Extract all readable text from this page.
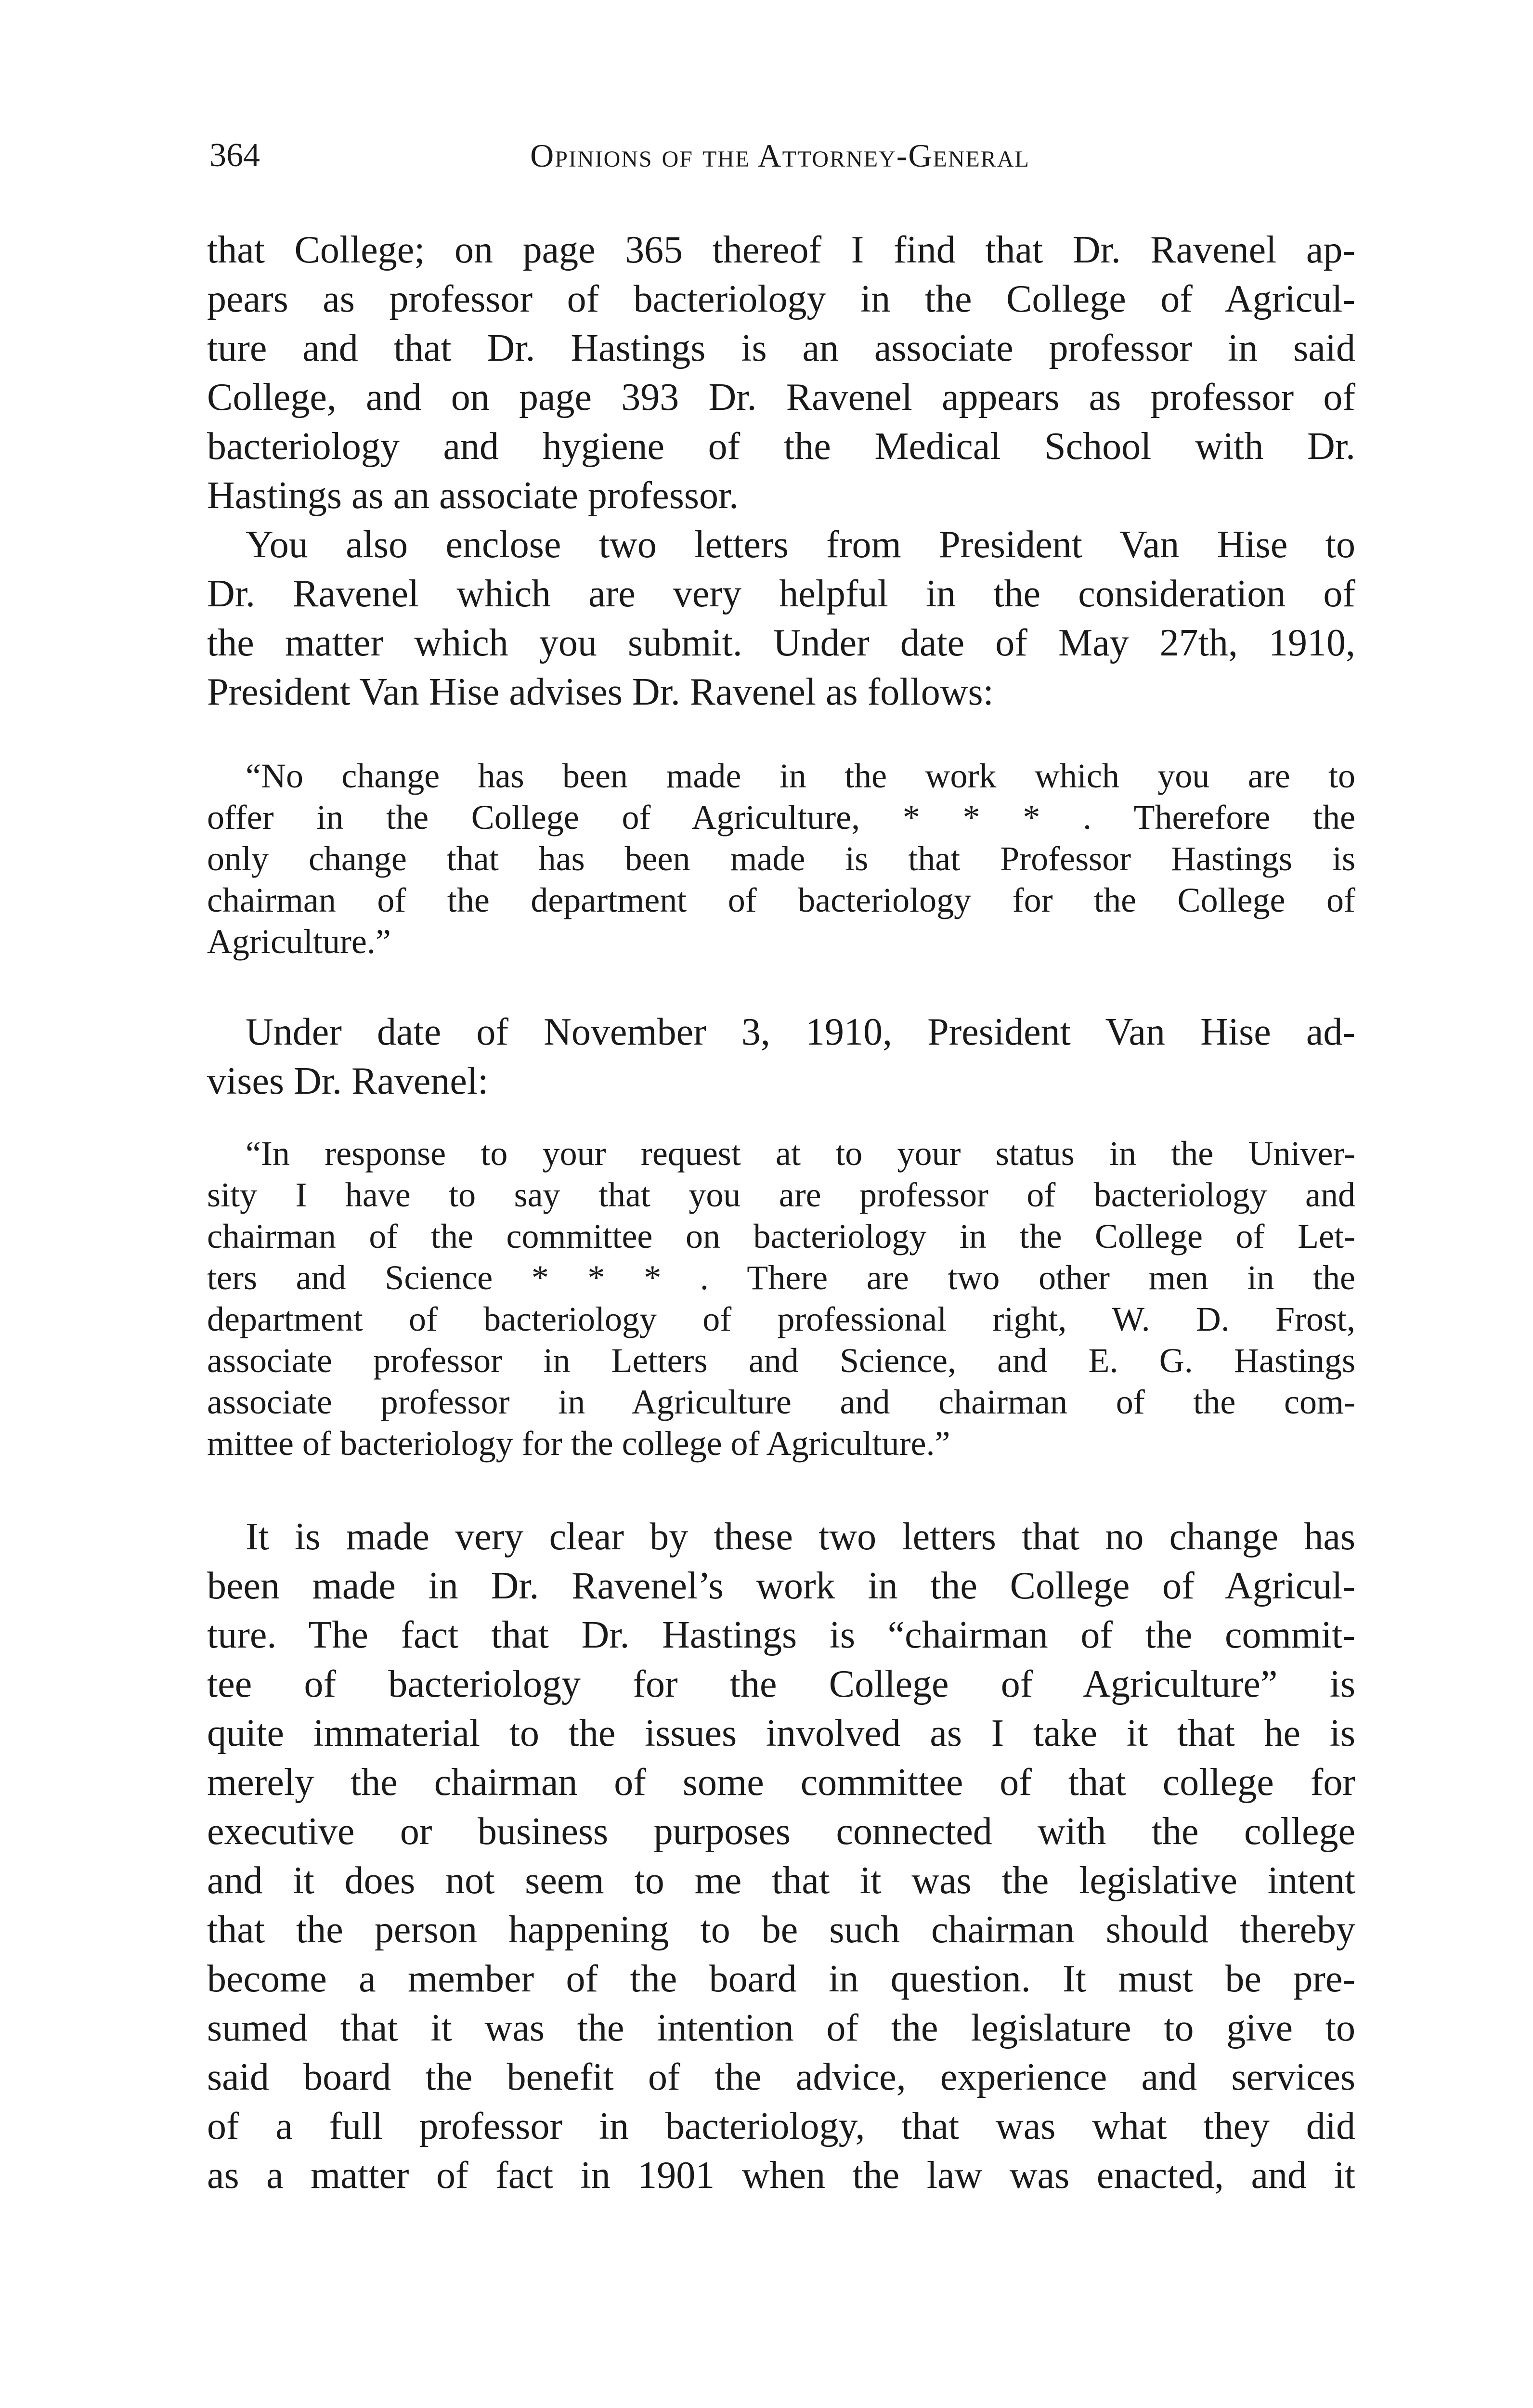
364	Opinions of the Attorney-General

that College; on page 365 thereof I find that Dr. Ravenel ap-
pears as professor of bacteriology in the College of Agricul-
ture and that Dr. Hastings is an associate professor in said
College, and on page 393 Dr. Ravenel appears as professor of
bacteriology and hygiene of the Medical School with Dr.
Hastings as an associate professor.

You also enclose two letters from President Van Hise to
Dr. Ravenel which are very helpful in the consideration of
the matter which you submit. Under date of May 27th, 1910,
President Van Hise advises Dr. Ravenel as follows:

“No change has been made in the work which you are to
offer in the College of Agriculture, * * * . Therefore the
only change that has been made is that Professor Hastings is
chairman of the department of bacteriology for the College of
Agriculture.”

Under date of November 3, 1910, President Van Hise ad-
vises Dr. Ravenel:

“In response to your request at to your status in the Univer-
sity I have to say that you are professor of bacteriology and
chairman of the committee on bacteriology in the College of Let-
ters and Science * * * . There are two other men in the
department of bacteriology of professional right, W. D. Frost,
associate professor in Letters and Science, and E. G. Hastings
associate professor in Agriculture and chairman of the com-
mittee of bacteriology for the college of Agriculture.”

It is made very clear by these two letters that no change has
been made in Dr. Ravenel’s work in the College of Agricul-
ture. The fact that Dr. Hastings is “chairman of the commit-
tee of bacteriology for the College of Agriculture” is
quite immaterial to the issues involved as I take it that he is
merely the chairman of some committee of that college for
executive or business purposes connected with the college
and it does not seem to me that it was the legislative intent
that the person happening to be such chairman should thereby
become a member of the board in question. It must be pre-
sumed that it was the intention of the legislature to give to
said board the benefit of the advice, experience and services
of a full professor in bacteriology, that was what they did
as a matter of fact in 1901 when the law was enacted, and it
